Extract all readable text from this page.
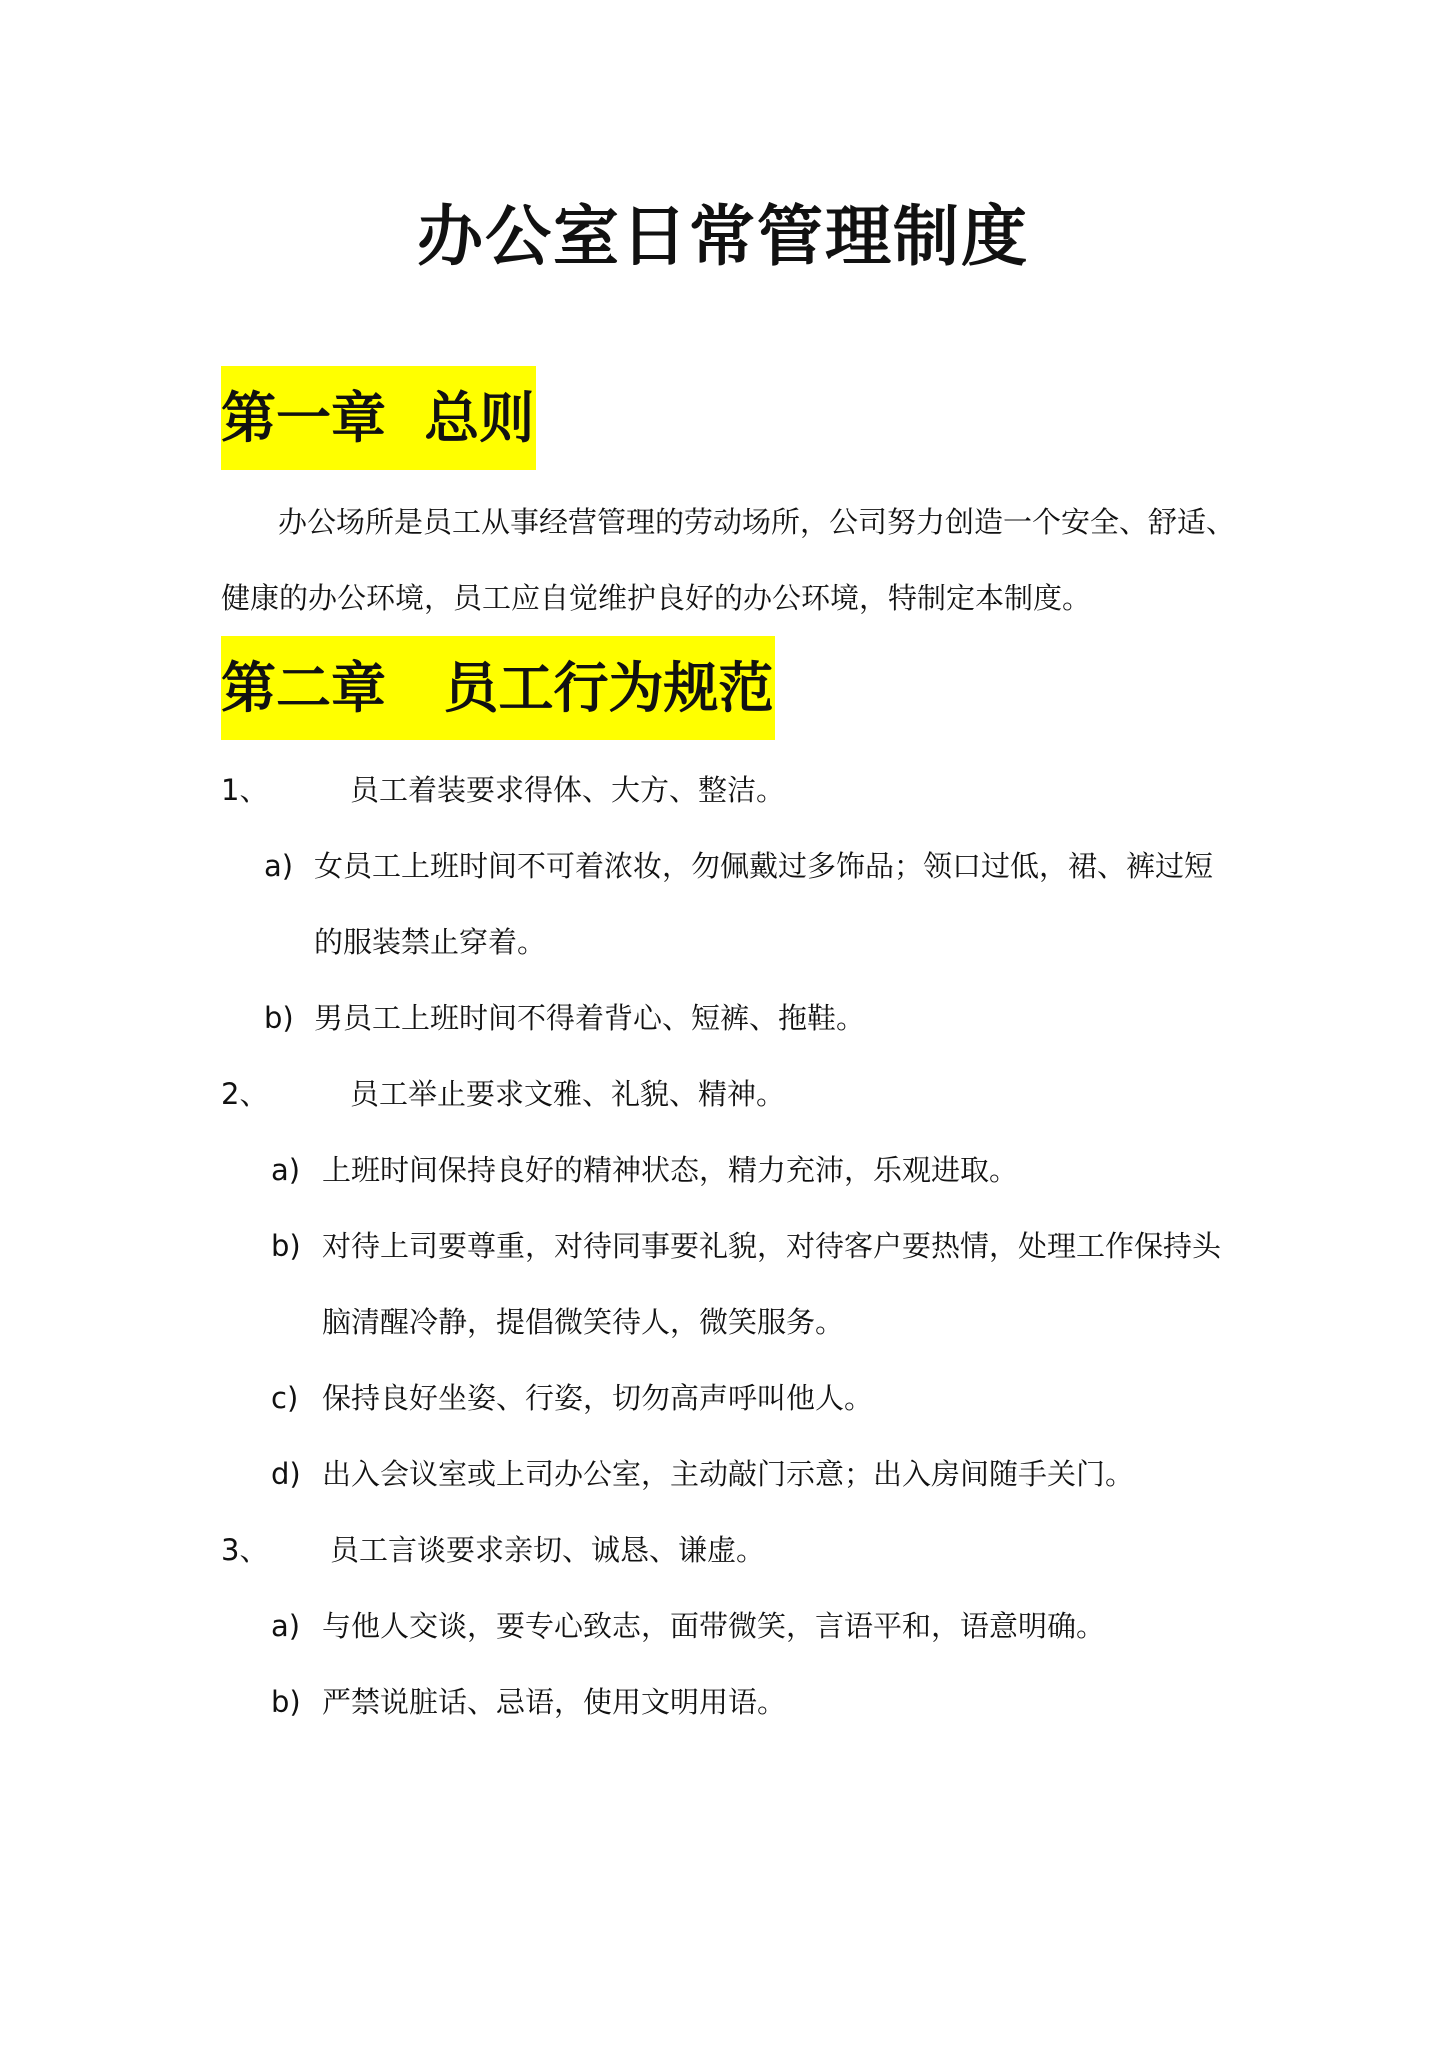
办公室日常管理制度
第一章  总则

办公场所是员工从事经营管理的劳动场所，公司努力创造一个安全、舒适、

健康的办公环境，员工应自觉维护良好的办公环境，特制定本制度。

第二章   员工行为规范
1、	员工着装要求得体、大方、整洁。
a) 女员工上班时间不可着浓妆，勿佩戴过多饰品；领口过低，裙、裤过短
的服装禁止穿着。
b) 男员工上班时间不得着背心、短裤、拖鞋。
2、	员工举止要求文雅、礼貌、精神。
a) 上班时间保持良好的精神状态，精力充沛，乐观进取。
b) 对待上司要尊重，对待同事要礼貌，对待客户要热情，处理工作保持头
脑清醒冷静，提倡微笑待人，微笑服务。
c) 保持良好坐姿、行姿，切勿高声呼叫他人。
d) 出入会议室或上司办公室，主动敲门示意；出入房间随手关门。
3、 员工言谈要求亲切、诚恳、谦虚。
a) 与他人交谈，要专心致志，面带微笑，言语平和，语意明确。
b) 严禁说脏话、忌语，使用文明用语。
